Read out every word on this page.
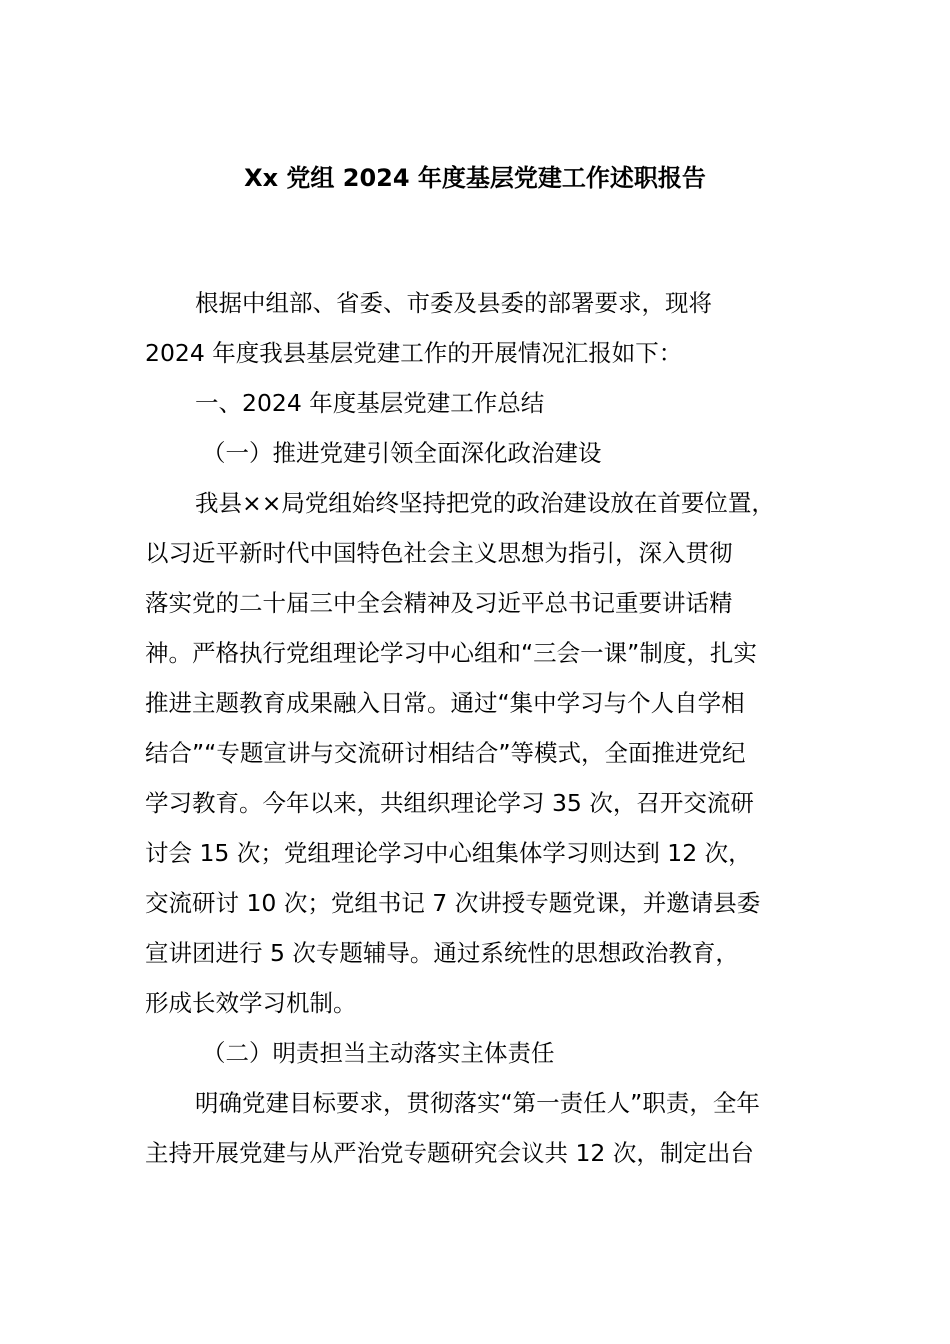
Xx 党组 2024 年度基层党建工作述职报告
根据中组部、省委、市委及县委的部署要求，现将
2024 年度我县基层党建工作的开展情况汇报如下：
一、2024 年度基层党建工作总结
（一）推进党建引领全面深化政治建设
我县××局党组始终坚持把党的政治建设放在首要位置，
以习近平新时代中国特色社会主义思想为指引，深入贯彻
落实党的二十届三中全会精神及习近平总书记重要讲话精
神。严格执行党组理论学习中心组和“三会一课”制度，扎实
推进主题教育成果融入日常。通过“集中学习与个人自学相
结合”“专题宣讲与交流研讨相结合”等模式，全面推进党纪
学习教育。今年以来，共组织理论学习 35 次，召开交流研
讨会 15 次；党组理论学习中心组集体学习则达到 12 次，
交流研讨 10 次；党组书记 7 次讲授专题党课，并邀请县委
宣讲团进行 5 次专题辅导。通过系统性的思想政治教育，
形成长效学习机制。
（二）明责担当主动落实主体责任
明确党建目标要求，贯彻落实“第一责任人”职责，全年
主持开展党建与从严治党专题研究会议共 12 次，制定出台
